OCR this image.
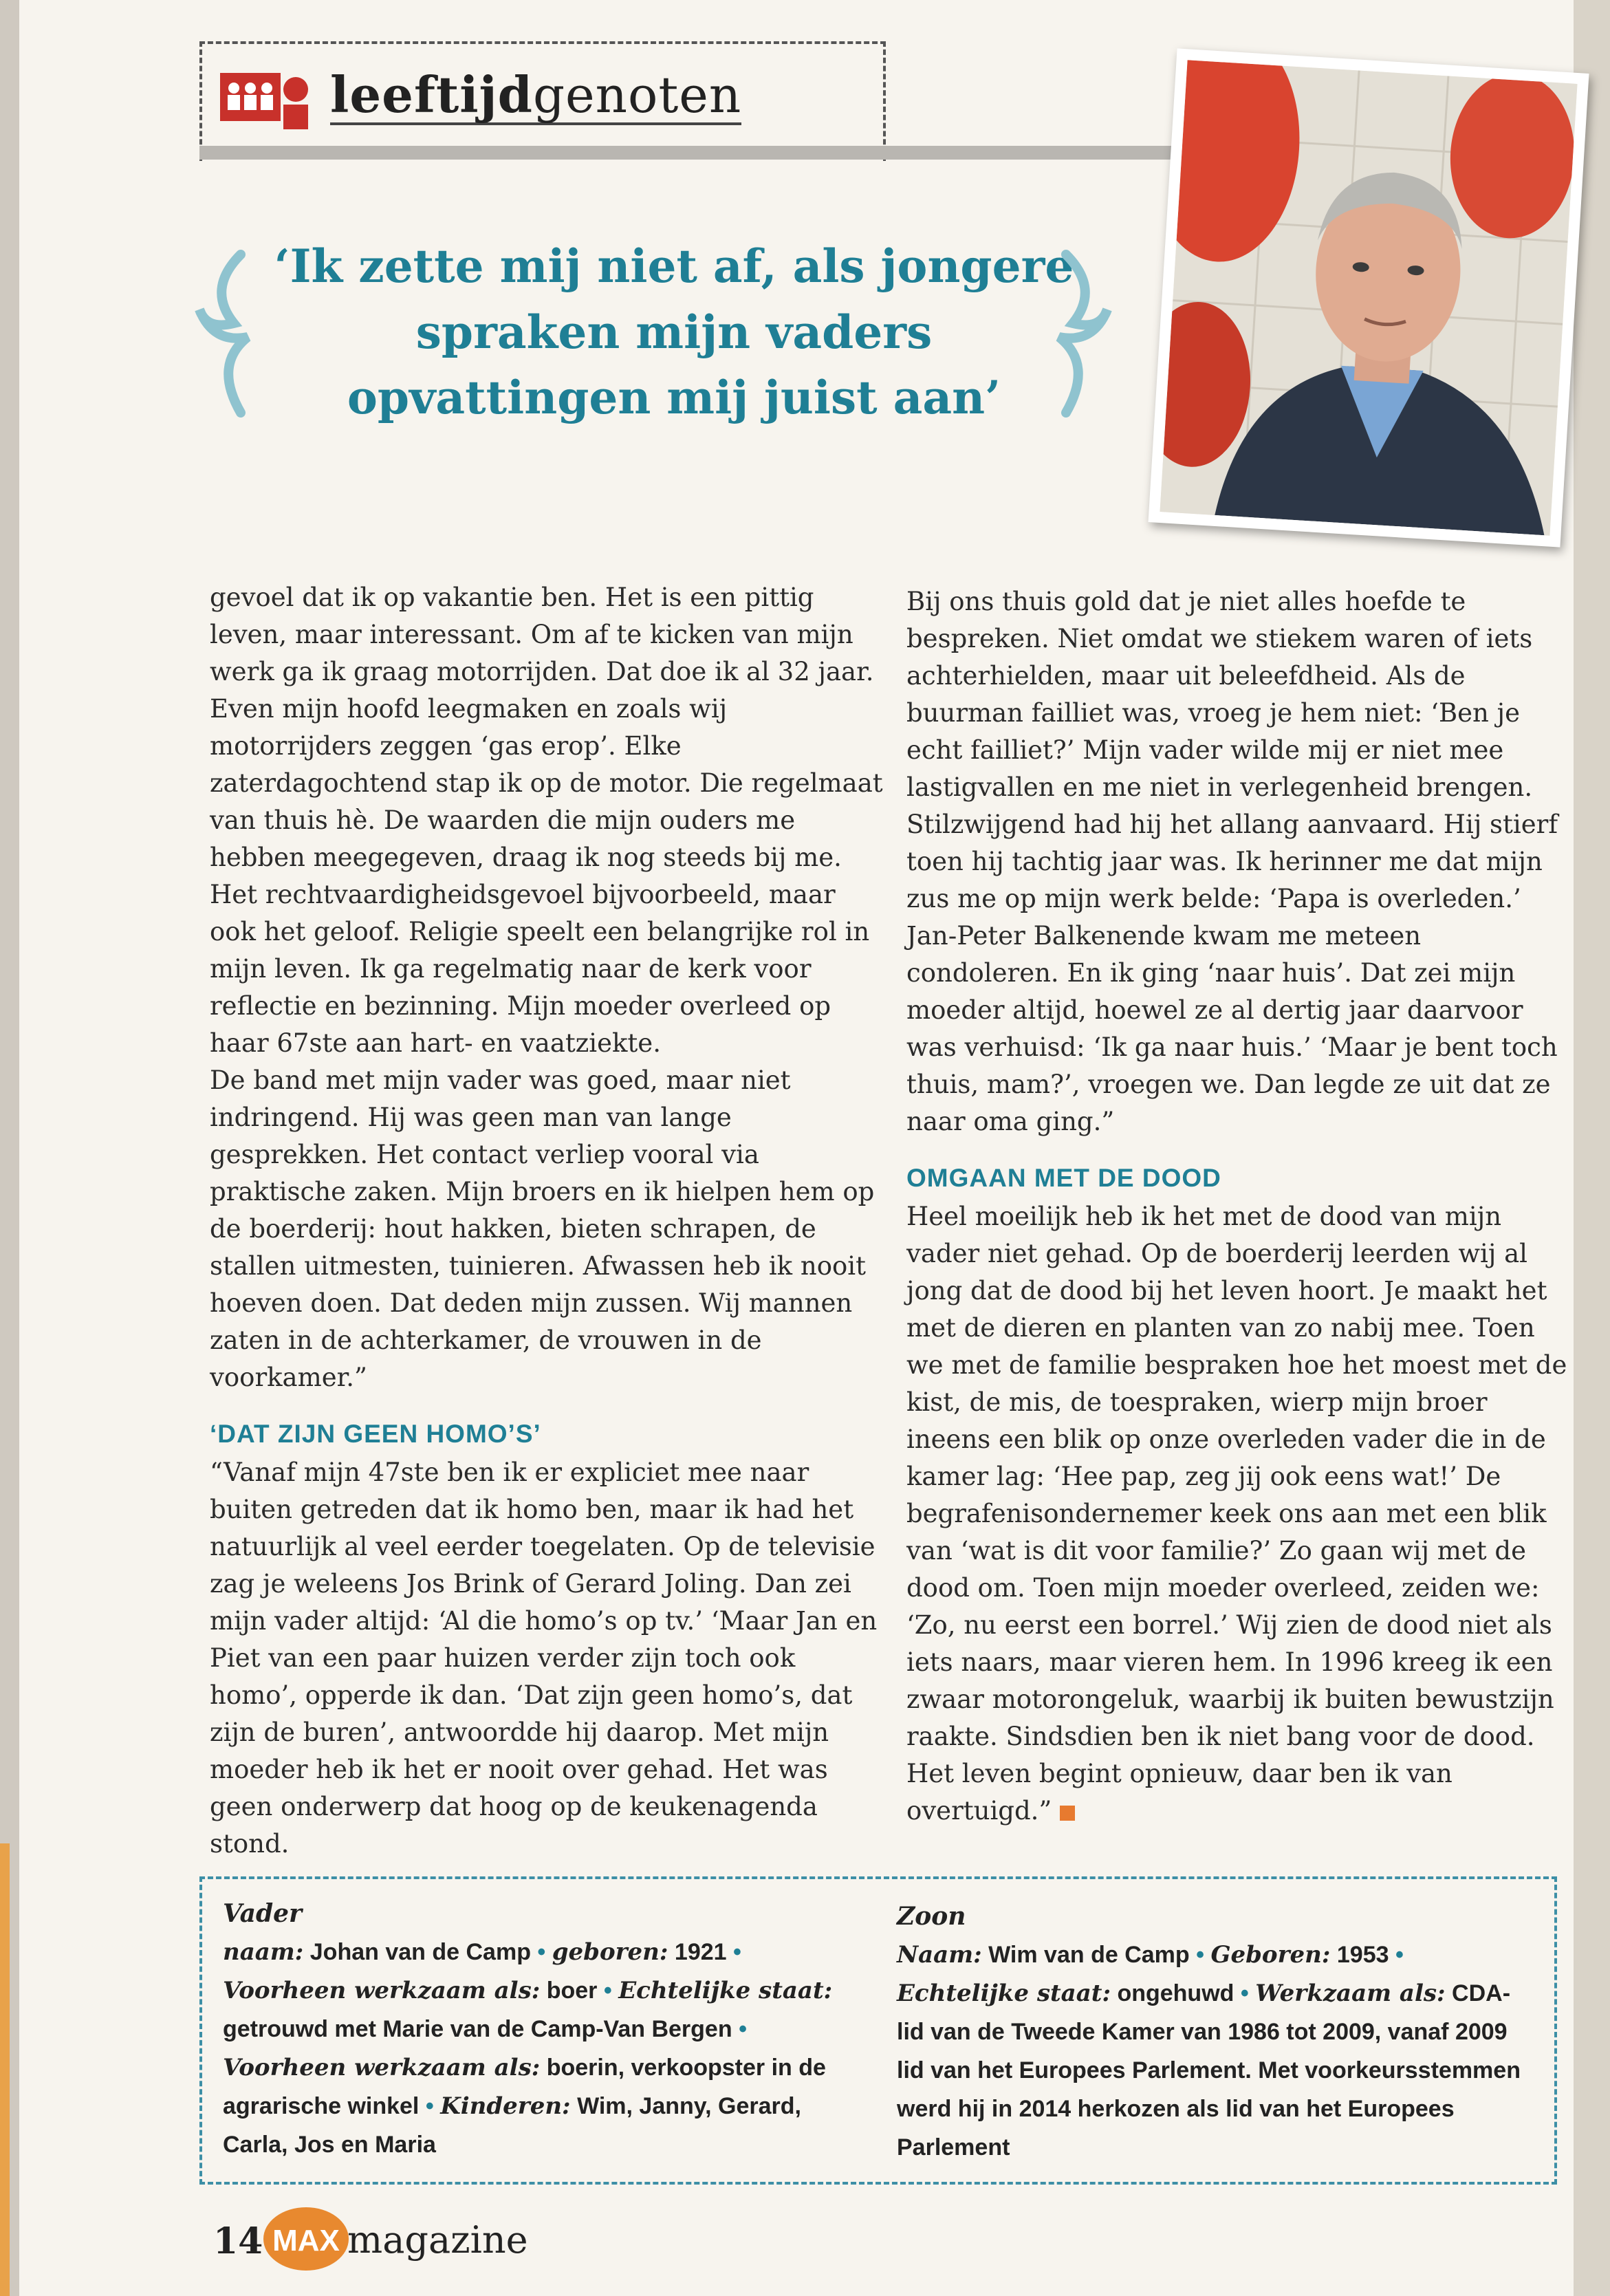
leeftijdgenoten
‘Ik zette mij niet af, als jongere
spraken mijn vaders
opvattingen mij juist aan’

gevoel dat ik op vakantie ben. Het is een pittig leven, maar interessant. Om af te kicken van mijn werk ga ik graag motorrijden. Dat doe ik al 32 jaar. Even mijn hoofd leegmaken en zoals wij motorrijders zeggen ‘gas erop’. Elke zaterdagochtend stap ik op de motor. Die regelmaat van thuis hè. De waarden die mijn ouders me hebben meegegeven, draag ik nog steeds bij me. Het rechtvaardigheidsgevoel bijvoorbeeld, maar ook het geloof. Religie speelt een belangrijke rol in mijn leven. Ik ga regelmatig naar de kerk voor reflectie en bezinning. Mijn moeder overleed op haar 67ste aan hart- en vaatziekte.

De band met mijn vader was goed, maar niet indringend. Hij was geen man van lange gesprekken. Het contact verliep vooral via praktische zaken. Mijn broers en ik hielpen hem op de boerderij: hout hakken, bieten schrapen, de stallen uitmesten, tuinieren. Afwassen heb ik nooit hoeven doen. Dat deden mijn zussen. Wij mannen zaten in de achterkamer, de vrouwen in de voorkamer.”

‘DAT ZIJN GEEN HOMO’S’

“Vanaf mijn 47ste ben ik er expliciet mee naar buiten getreden dat ik homo ben, maar ik had het natuurlijk al veel eerder toegelaten. Op de televisie zag je weleens Jos Brink of Gerard Joling. Dan zei mijn vader altijd: ‘Al die homo’s op tv.’ ‘Maar Jan en Piet van een paar huizen verder zijn toch ook homo’, opperde ik dan. ‘Dat zijn geen homo’s, dat zijn de buren’, antwoordde hij daarop. Met mijn moeder heb ik het er nooit over gehad. Het was geen onderwerp dat hoog op de keukenagenda stond.

Bij ons thuis gold dat je niet alles hoefde te bespreken. Niet omdat we stiekem waren of iets achterhielden, maar uit beleefdheid. Als de buurman failliet was, vroeg je hem niet: ‘Ben je echt failliet?’ Mijn vader wilde mij er niet mee lastigvallen en me niet in verlegenheid brengen. Stilzwijgend had hij het allang aanvaard. Hij stierf toen hij tachtig jaar was. Ik herinner me dat mijn zus me op mijn werk belde: ‘Papa is overleden.’ Jan-Peter Balkenende kwam me meteen condoleren. En ik ging ‘naar huis’. Dat zei mijn moeder altijd, hoewel ze al dertig jaar daarvoor was verhuisd: ‘Ik ga naar huis.’ ‘Maar je bent toch thuis, mam?’, vroegen we. Dan legde ze uit dat ze naar oma ging.”

OMGAAN MET DE DOOD

Heel moeilijk heb ik het met de dood van mijn vader niet gehad. Op de boerderij leerden wij al jong dat de dood bij het leven hoort. Je maakt het met de dieren en planten van zo nabij mee. Toen we met de familie bespraken hoe het moest met de kist, de mis, de toespraken, wierp mijn broer ineens een blik op onze overleden vader die in de kamer lag: ‘Hee pap, zeg jij ook eens wat!’ De begrafenisondernemer keek ons aan met een blik van ‘wat is dit voor familie?’ Zo gaan wij met de dood om. Toen mijn moeder overleed, zeiden we: ‘Zo, nu eerst een borrel.’ Wij zien de dood niet als iets naars, maar vieren hem. In 1996 kreeg ik een zwaar motorongeluk, waarbij ik buiten bewustzijn raakte. Sindsdien ben ik niet bang voor de dood. Het leven begint opnieuw, daar ben ik van overtuigd.”

Vader
naam: Johan van de Camp • geboren: 1921 • Voorheen werkzaam als: boer • Echtelijke staat: getrouwd met Marie van de Camp-Van Bergen • Voorheen werkzaam als: boerin, verkoopster in de agrarische winkel • Kinderen: Wim, Janny, Gerard, Carla, Jos en Maria
Zoon
Naam: Wim van de Camp • Geboren: 1953 • Echtelijke staat: ongehuwd • Werkzaam als: CDA-lid van de Tweede Kamer van 1986 tot 2009, vanaf 2009 lid van het Europees Parlement. Met voorkeursstemmen werd hij in 2014 herkozen als lid van het Europees Parlement
14 MAX magazine
